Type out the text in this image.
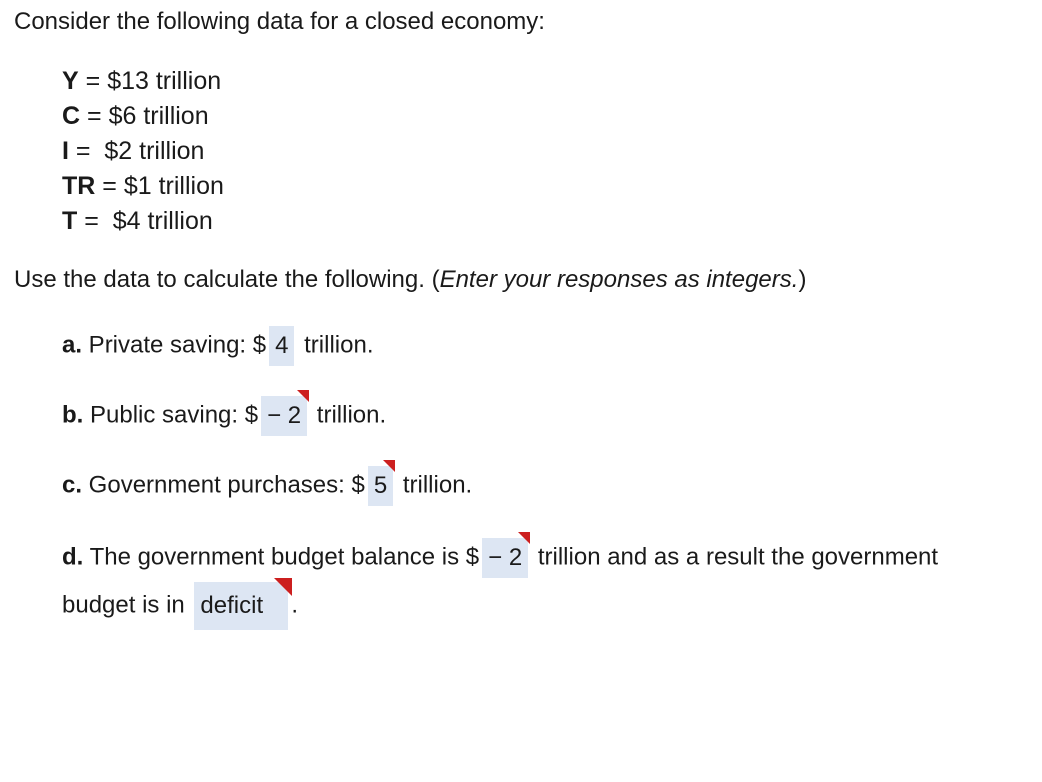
Consider the following data for a closed economy:
Y = $13 trillion
C = $6 trillion
I =  $2 trillion
TR = $1 trillion
T =  $4 trillion
Use the data to calculate the following. (Enter your responses as integers.)
a. Private saving: $ 4 trillion.
b. Public saving: $ − 2
trillion.
c. Government purchases: $ 5
trillion.
d. The government budget balance is $ − 2
trillion and as a result the government
budget is in deficit .
